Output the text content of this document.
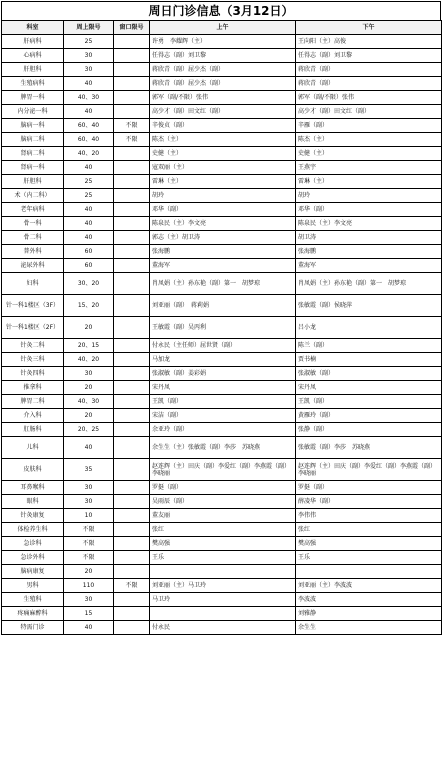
周日门诊信息（3月12日）
科室	周上限号	窗口限号	上午	下午
肝病科	25		许勇　李耀辉（主）	王向阳（主）高俊
心病科	30		任得志（副）刘卫黎	任得志（副）刘卫黎
肝胆科	30		蒋欣青（副）屈少杰（副）	蒋欣青（副）
生殖病科	40		蒋欣青（副）屈少杰（副）	蒋欣青（副）
脾胃一科	40、30		郭军（副/不限）张伟	郭军（副/不限）张伟
内分泌一科	40		高少才（副）田文红（副）	高少才（副）田文红（副）
脑病一科	60、40	不限	辛俊贞（副）	辛雁（副）
脑病二科	60、40	不限	陈杰（主）	陈杰（主）
肾病二科	40、20		史健（主）	史健（主）
肾病一科	40		寇双丽（主）	王燕宇
肝胆科	25		雷琳（主）	雷琳（主）
术（内二科）	25		胡玲	胡玲
老年病科	40		邓华（副）	邓华（副）
骨一科	40		陈泉民（主）李文亮	陈泉民（主）李文亮
骨二科	40		郭志（主）胡卫涛	胡卫涛
普外科	60		张海鹏	张海鹏
泌尿外科	60		董海军	董海军
妇科	30、20		肖凤娟（主）孙东艳（副）第一　胡梦琼	肖凤娟（主）孙东艳（副）第一　胡梦琼
针一科1楼区（3F）	15、20		刘亚丽（副）　蒋莉娟	张敏霞（副）侯晓萍
针一科1楼区（2F）	20		王敏霞（副）吴丙利	吕小龙
针灸二科	20、15		付永民（主任师）屈世贤（副）	陈兰（副）
针灸三科	40、20		马加龙	贾书楠
针灸四科	30		张淑敏（副）姜彩娟	张淑敏（副）
推拿科	20		宋丹凤	宋丹凤
脾胃二科	40、30		王凯（副）	王凯（副）
介入科	20		宋洁（副）	黄雁玲（副）
肛肠科	20、25		余亚玲（副）	张静（副）
儿科	40		余生生（主）张敏霞（副）李莎　苏晓燕	张敏霞（副）李莎　苏晓燕
皮肤科	35		赵连辉（主）田庆（副）李爱红（副）李燕霞（副）李晓丽	赵连辉（主）田庆（副）李爱红（副）李燕霞（副）李晓丽
耳鼻喉科	30		罗挺（副）	罗挺（副）
眼科	30		吴雨辰（副）	薛凌华（副）
针灸康复	10		董友丽	李伟伟
体检养生科	不限		张红	张红
急诊科	不限		樊高强	樊高强
急诊外科	不限		王乐	王乐
脑病康复	20			
男科	110	不限	刘亚丽（主）马卫玲	刘亚丽（主）李波波
生殖科	30		马卫玲	李波波
疼痛麻醉科	15			刘雅静
特需门诊	40		付永民	余生生
